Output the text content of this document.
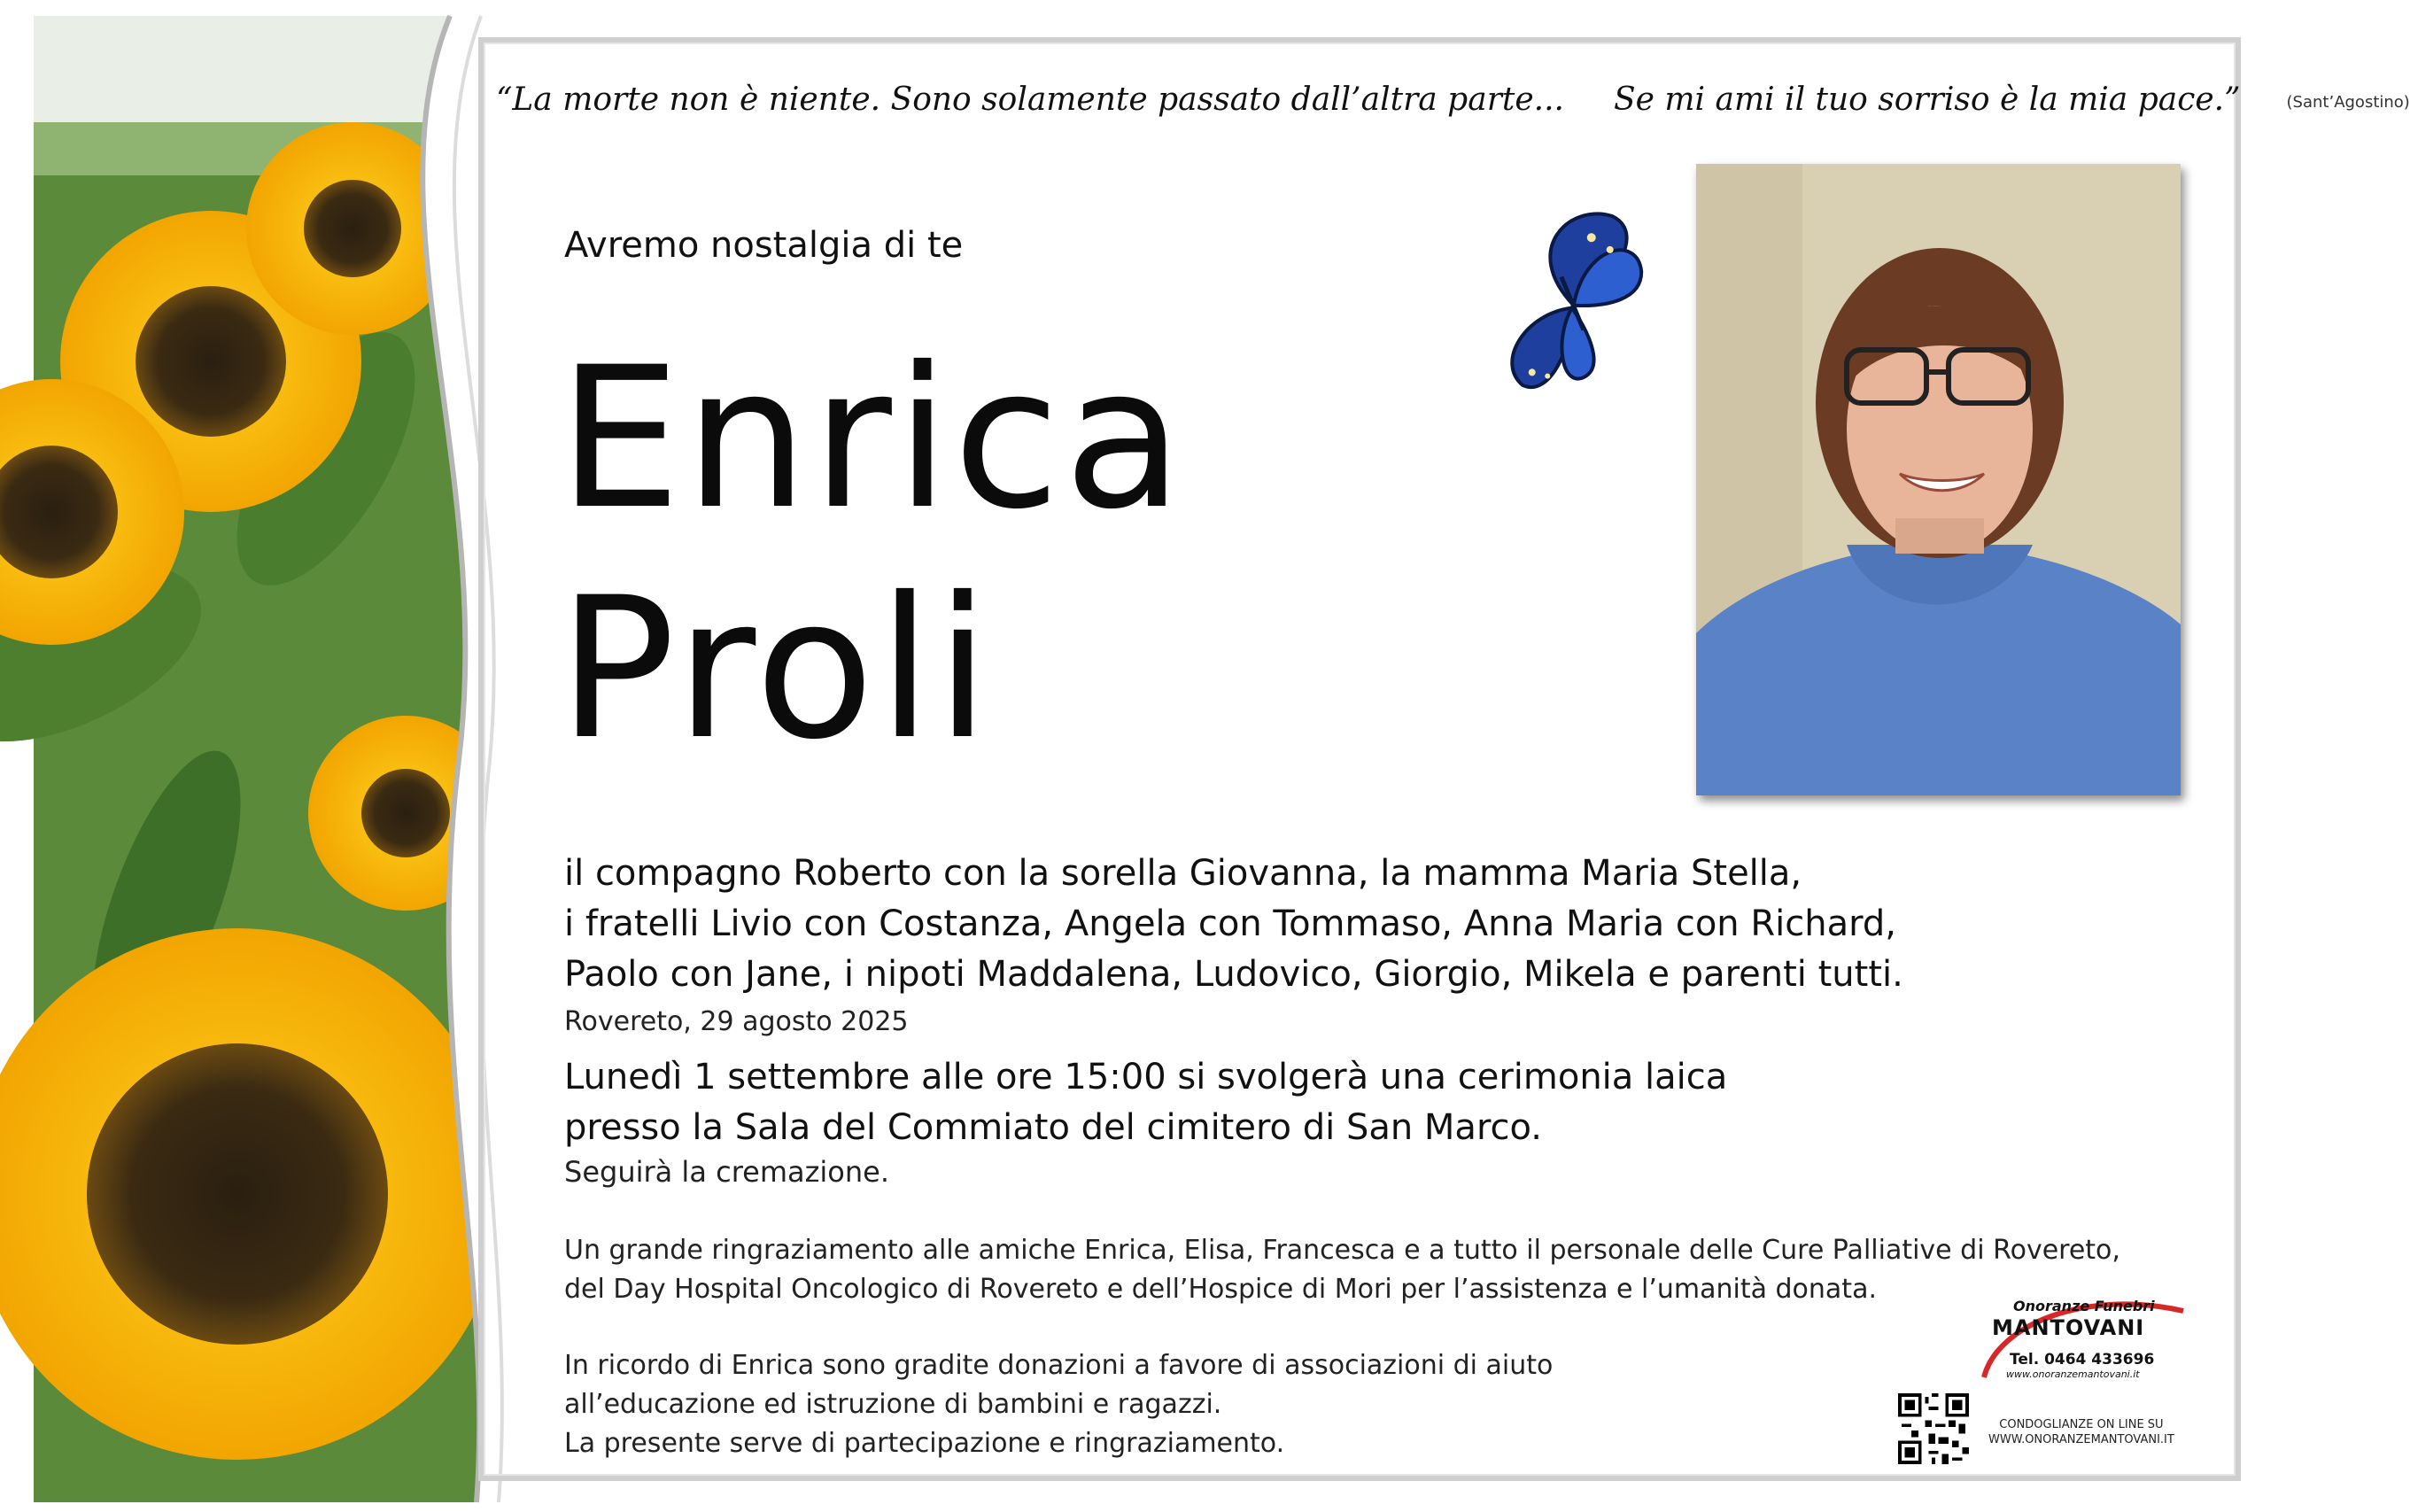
“La morte non è niente. Sono solamente passato dall’altra parte... Se mi ami il tuo sorriso è la mia pace.”	(Sant’Agostino)
Avremo nostalgia di te
Enrica
Proli
il compagno Roberto con la sorella Giovanna, la mamma Maria Stella,
i fratelli Livio con Costanza, Angela con Tommaso, Anna Maria con Richard,
Paolo con Jane, i nipoti Maddalena, Ludovico, Giorgio, Mikela e parenti tutti.
Rovereto, 29 agosto 2025
Lunedì 1 settembre alle ore 15:00 si svolgerà una cerimonia laica
presso la Sala del Commiato del cimitero di San Marco.
Seguirà la cremazione.
Un grande ringraziamento alle amiche Enrica, Elisa, Francesca e a tutto il personale delle Cure Palliative di Rovereto,
del Day Hospital Oncologico di Rovereto e dell’Hospice di Mori per l’assistenza e l’umanità donata.
In ricordo di Enrica sono gradite donazioni a favore di associazioni di aiuto
all’educazione ed istruzione di bambini e ragazzi.
La presente serve di partecipazione e ringraziamento.
Onoranze Funebri
MANTOVANI
Tel. 0464 433696
www.onoranzemantovani.it
CONDOGLIANZE ON LINE SU
WWW.ONORANZEMANTOVANI.IT
